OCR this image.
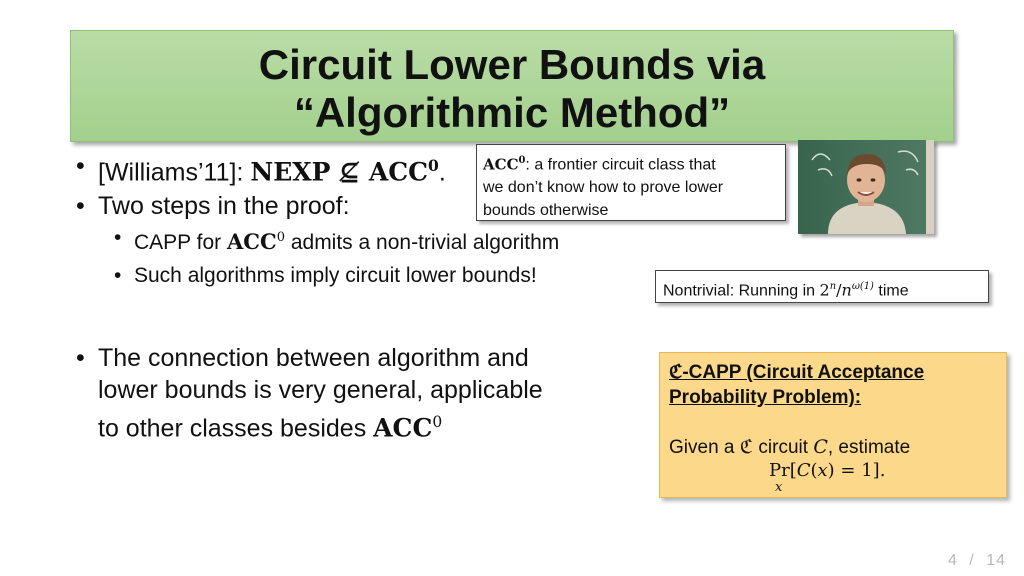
Circuit Lower Bounds via
“Algorithmic Method”
• [Williams’11]: NEXP ⊈ ACC$^0$.
• Two steps in the proof:
• CAPP for ACC$^0$ admits a non-trivial algorithm
• Such algorithms imply circuit lower bounds!
• The connection between algorithm and
lower bounds is very general, applicable
to other classes besides ACC$^0$
ACC$^0$: a frontier circuit class that
we don’t know how to prove lower
bounds otherwise
Nontrivial: Running in $2^n/n^{\omega(1)}$ time
ℭ-CAPP (Circuit Acceptance
Probability Problem):
Given a ℭ circuit C, estimate
Pr[𝐶(𝑥) = 1].
𝑥
4 / 14
